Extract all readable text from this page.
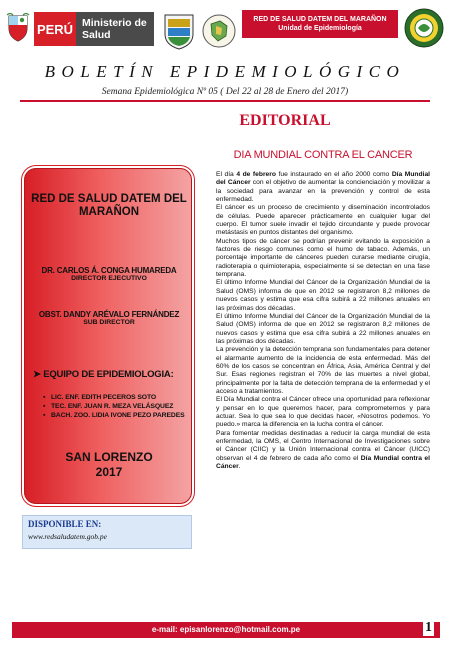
PERÚ Ministerio de Salud
RED DE SALUD DATEM DEL MARAÑON
Unidad de Epidemiología
BOLETÍN EPIDEMIOLÓGICO
Semana Epidemiológica Nº 05 ( Del 22 al 28 de Enero del 2017)
EDITORIAL
DIA MUNDIAL CONTRA EL CANCER
RED DE SALUD DATEM DEL MARAÑON
DR. CARLOS Á. CONGA HUMAREDA
DIRECTOR EJECUTIVO
OBST. DANDY ARÉVALO FERNÁNDEZ
SUB DIRECTOR
➤ EQUIPO DE EPIDEMIOLOGIA:
▪ LIC. ENF. EDITH PECEROS SOTO
▪ TEC. ENF. JUAN R. MEZA VELÁSQUEZ
▪ BACH. ZOO. LIDIA IVONE PEZO PAREDES
SAN LORENZO 2017
DISPONIBLE EN:
www.redsaludatem.gob.pe

El día 4 de febrero fue instaurado en el año 2000 como Día Mundial del Cáncer con el objetivo de aumentar la concienciación y movilizar a la sociedad para avanzar en la prevención y control de esta enfermedad.

El cáncer es un proceso de crecimiento y diseminación incontrolados de células. Puede aparecer prácticamente en cualquier lugar del cuerpo. El tumor suele invadir el tejido circundante y puede provocar metástasis en puntos distantes del organismo.

Muchos tipos de cáncer se podrían prevenir evitando la exposición a factores de riesgo comunes como el humo de tabaco. Además, un porcentaje importante de cánceres pueden curarse mediante cirugía, radioterapia o quimioterapia, especialmente si se detectan en una fase temprana.

El último Informe Mundial del Cáncer de la Organización Mundial de la Salud (OMS) informa de que en 2012 se registraron 8,2 millones de nuevos casos y estima que esa cifra subirá a 22 millones anuales en las próximas dos décadas.

El último Informe Mundial del Cáncer de la Organización Mundial de la Salud (OMS) informa de que en 2012 se registraron 8,2 millones de nuevos casos y estima que esa cifra subirá a 22 millones anuales en las próximas dos décadas.

La prevención y la detección temprana son fundamentales para detener el alarmante aumento de la incidencia de esta enfermedad. Más del 60% de los casos se concentran en África, Asia, América Central y del Sur. Esas regiones registran el 70% de las muertes a nivel global, principalmente por la falta de detección temprana de la enfermedad y el acceso a tratamientos.

El Día Mundial contra el Cáncer ofrece una oportunidad para reflexionar y pensar en lo que queremos hacer, para comprometernos y para actuar. Sea lo que sea lo que decidas hacer, «Nosotros podemos. Yo puedo.» marca la diferencia en la lucha contra el cáncer.

Para fomentar medidas destinadas a reducir la carga mundial de esta enfermedad, la OMS, el Centro Internacional de Investigaciones sobre el Cáncer (CIIC) y la Unión Internacional contra el Cáncer (UICC) observan el 4 de febrero de cada año como el Día Mundial contra el Cáncer.

e-mail: episanlorenzo@hotmail.com.pe	1
